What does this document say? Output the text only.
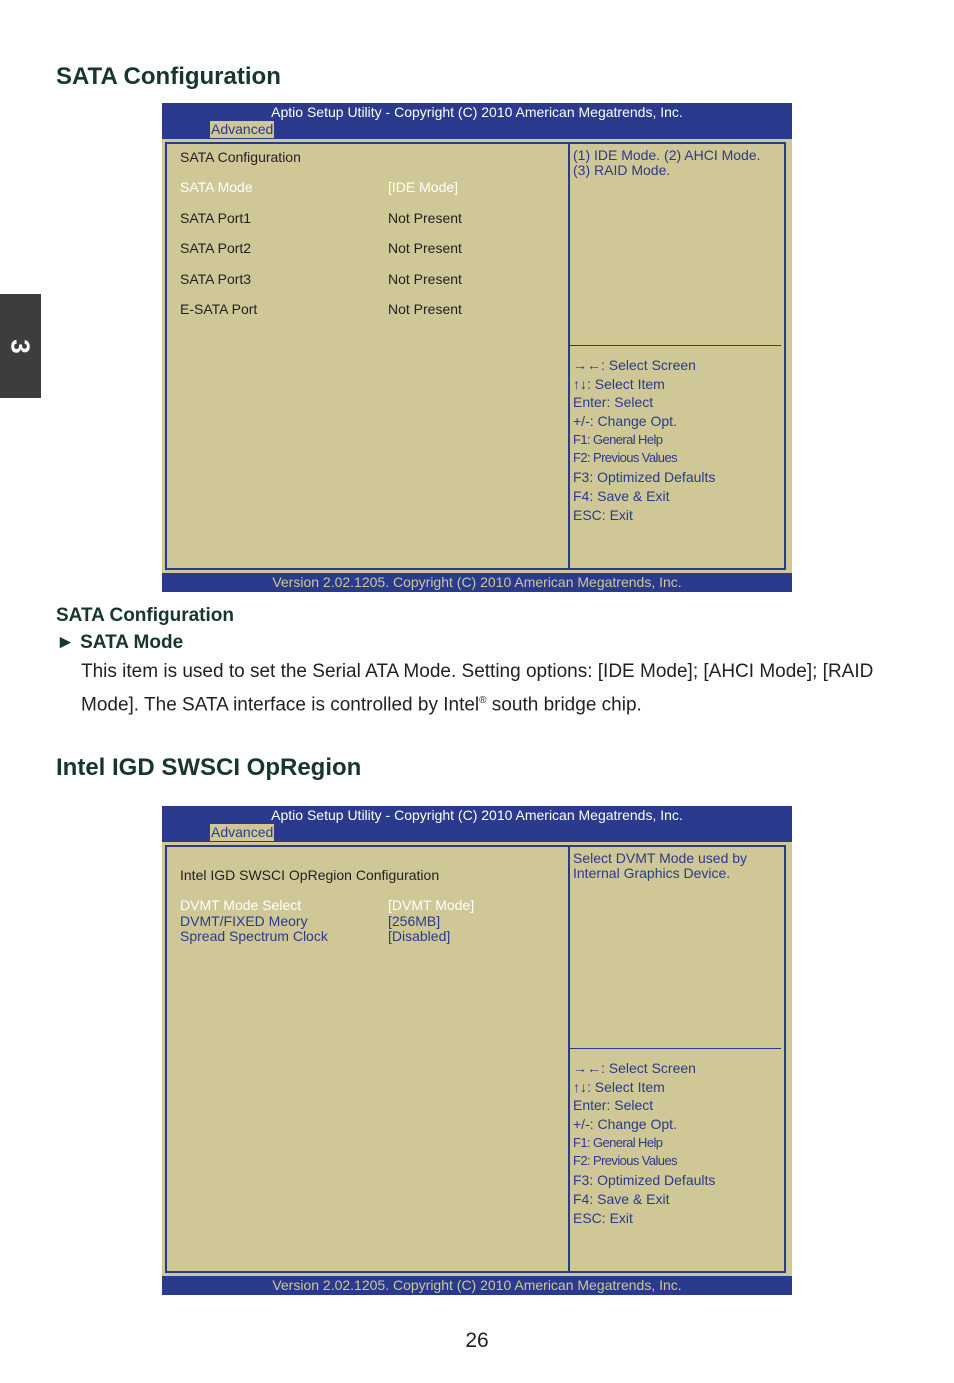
3
SATA Configuration
Aptio Setup Utility - Copyright (C) 2010 American Megatrends, Inc.
Advanced
SATA Configuration
SATA Mode	[IDE Mode]
SATA Port1	Not Present
SATA Port2	Not Present
SATA Port3	Not Present
E-SATA Port	Not Present
(1) IDE Mode. (2) AHCI Mode. (3) RAID Mode.
→←: Select Screen
↑↓: Select Item
Enter: Select
+/-: Change Opt.
F1: General Help
F2: Previous Values
F3: Optimized Defaults
F4: Save & Exit
ESC: Exit
Version 2.02.1205. Copyright (C) 2010 American Megatrends, Inc.
SATA Configuration
► SATA Mode

This item is used to set the Serial ATA Mode. Setting options: [IDE Mode]; [AHCI Mode]; [RAID Mode]. The SATA interface is controlled by Intel® south bridge chip.

Intel IGD SWSCI OpRegion
Aptio Setup Utility - Copyright (C) 2010 American Megatrends, Inc.
Advanced
Intel IGD SWSCI OpRegion Configuration
DVMT Mode Select	[DVMT Mode]
DVMT/FIXED Meory	[256MB]
Spread Spectrum Clock	[Disabled]
Select DVMT Mode used by Internal Graphics Device.
→←: Select Screen
↑↓: Select Item
Enter: Select
+/-: Change Opt.
F1: General Help
F2: Previous Values
F3: Optimized Defaults
F4: Save & Exit
ESC: Exit
Version 2.02.1205. Copyright (C) 2010 American Megatrends, Inc.
26
